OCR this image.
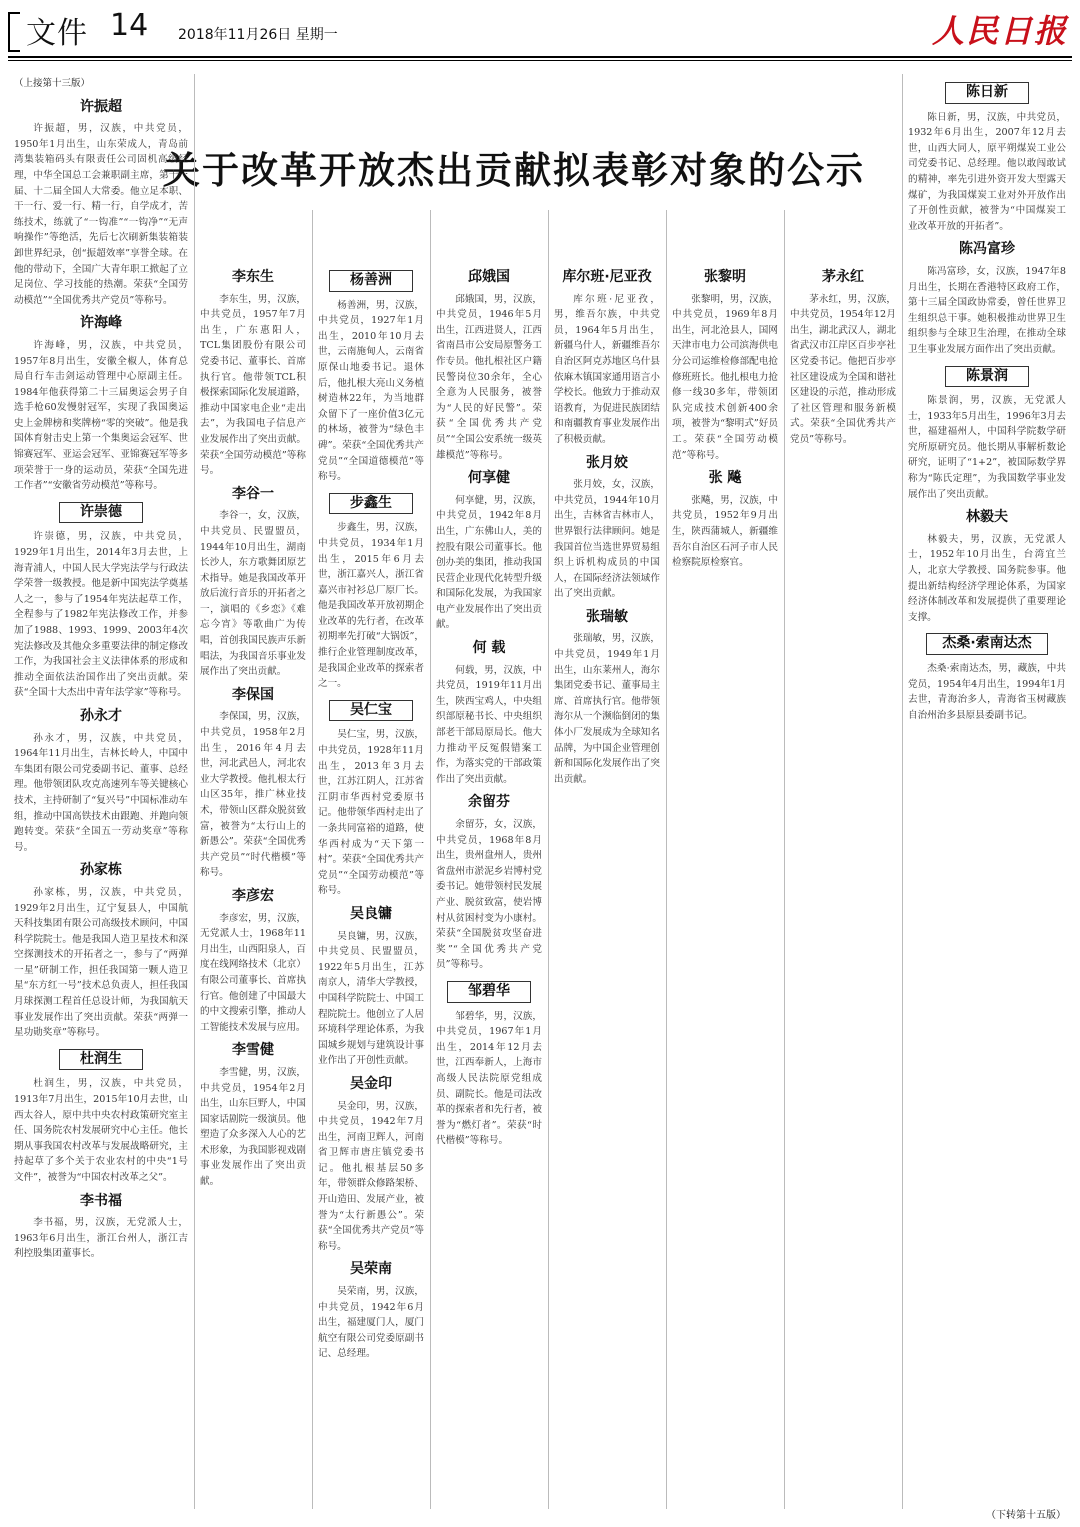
文件 14 2018年11月26日 星期一	人民日报
关于改革开放杰出贡献拟表彰对象的公示
（上接第十三版）
许振超

许振超，男，汉族，中共党员，1950年1月出生，山东荣成人，青岛前湾集装箱码头有限责任公司固机高级经理，中华全国总工会兼职副主席，第十一届、十二届全国人大常委。他立足本职、干一行、爱一行、精一行，自学成才，苦练技术，练就了“一钩准”“一钩净”“无声响操作”等绝活，先后七次刷新集装箱装卸世界纪录，创“振超效率”享誉全球。在他的带动下，全国广大青年职工掀起了立足岗位、学习技能的热潮。荣获“全国劳动模范”“全国优秀共产党员”等称号。

许海峰

许海峰，男，汉族，中共党员，1957年8月出生，安徽全椒人，体育总局自行车击剑运动管理中心原副主任。1984年他获得第二十三届奥运会男子自选手枪60发慢射冠军，实现了我国奥运史上金牌榜和奖牌榜“零的突破”。他是我国体育射击史上第一个集奥运会冠军、世锦赛冠军、亚运会冠军、亚锦赛冠军等多项荣誉于一身的运动员，荣获“全国先进工作者”“安徽省劳动模范”等称号。

许崇德

许崇德，男，汉族，中共党员，1929年1月出生，2014年3月去世，上海青浦人，中国人民大学宪法学与行政法学荣誉一级教授。他是新中国宪法学奠基人之一，参与了1954年宪法起草工作，全程参与了1982年宪法修改工作，并参加了1988、1993、1999、2003年4次宪法修改及其他众多重要法律的制定修改工作，为我国社会主义法律体系的形成和推动全面依法治国作出了突出贡献。荣获“全国十大杰出中青年法学家”等称号。

孙永才

孙永才，男，汉族，中共党员，1964年11月出生，吉林长岭人，中国中车集团有限公司党委副书记、董事、总经理。他带领团队攻克高速列车等关键核心技术，主持研制了“复兴号”中国标准动车组，推动中国高铁技术由跟跑、并跑向领跑转变。荣获“全国五一劳动奖章”等称号。

孙家栋

孙家栋，男，汉族，中共党员，1929年2月出生，辽宁复县人，中国航天科技集团有限公司高级技术顾问，中国科学院院士。他是我国人造卫星技术和深空探测技术的开拓者之一，参与了“两弹一星”研制工作，担任我国第一颗人造卫星“东方红一号”技术总负责人，担任我国月球探测工程首任总设计师，为我国航天事业发展作出了突出贡献。荣获“两弹一星功勋奖章”等称号。

杜润生

杜润生，男，汉族，中共党员，1913年7月出生，2015年10月去世，山西太谷人，原中共中央农村政策研究室主任、国务院农村发展研究中心主任。他长期从事我国农村改革与发展战略研究，主持起草了多个关于农业农村的中央“1号文件”，被誉为“中国农村改革之父”。

李书福

李书福，男，汉族，无党派人士，1963年6月出生，浙江台州人，浙江吉利控股集团董事长。

李东生

李东生，男，汉族，中共党员，1957年7月出生，广东惠阳人，TCL集团股份有限公司党委书记、董事长、首席执行官。他带领TCL积极探索国际化发展道路，推动中国家电企业“走出去”，为我国电子信息产业发展作出了突出贡献。荣获“全国劳动模范”等称号。

李谷一

李谷一，女，汉族，中共党员、民盟盟员，1944年10月出生，湖南长沙人，东方歌舞团原艺术指导。她是我国改革开放后流行音乐的开拓者之一，演唱的《乡恋》《难忘今宵》等歌曲广为传唱，首创我国民族声乐新唱法，为我国音乐事业发展作出了突出贡献。

李保国

李保国，男，汉族，中共党员，1958年2月出生，2016年4月去世，河北武邑人，河北农业大学教授。他扎根太行山区35年，推广林业技术，带领山区群众脱贫致富，被誉为“太行山上的新愚公”。荣获“全国优秀共产党员”“时代楷模”等称号。

李彦宏

李彦宏，男，汉族，无党派人士，1968年11月出生，山西阳泉人，百度在线网络技术（北京）有限公司董事长、首席执行官。他创建了中国最大的中文搜索引擎，推动人工智能技术发展与应用。

李雪健

李雪健，男，汉族，中共党员，1954年2月出生，山东巨野人，中国国家话剧院一级演员。他塑造了众多深入人心的艺术形象，为我国影视戏剧事业发展作出了突出贡献。

杨善洲

杨善洲，男，汉族，中共党员，1927年1月出生，2010年10月去世，云南施甸人，云南省原保山地委书记。退休后，他扎根大亮山义务植树造林22年，为当地群众留下了一座价值3亿元的林场，被誉为“绿色丰碑”。荣获“全国优秀共产党员”“全国道德模范”等称号。

步鑫生

步鑫生，男，汉族，中共党员，1934年1月出生，2015年6月去世，浙江嘉兴人，浙江省嘉兴市衬衫总厂原厂长。他是我国改革开放初期企业改革的先行者，在改革初期率先打破“大锅饭”，推行企业管理制度改革，是我国企业改革的探索者之一。

吴仁宝

吴仁宝，男，汉族，中共党员，1928年11月出生，2013年3月去世，江苏江阴人，江苏省江阴市华西村党委原书记。他带领华西村走出了一条共同富裕的道路，使华西村成为“天下第一村”。荣获“全国优秀共产党员”“全国劳动模范”等称号。

吴良镛

吴良镛，男，汉族，中共党员、民盟盟员，1922年5月出生，江苏南京人，清华大学教授，中国科学院院士、中国工程院院士。他创立了人居环境科学理论体系，为我国城乡规划与建筑设计事业作出了开创性贡献。

吴金印

吴金印，男，汉族，中共党员，1942年7月出生，河南卫辉人，河南省卫辉市唐庄镇党委书记。他扎根基层50多年，带领群众修路架桥、开山造田、发展产业，被誉为“太行新愚公”。荣获“全国优秀共产党员”等称号。

吴荣南

吴荣南，男，汉族，中共党员，1942年6月出生，福建厦门人，厦门航空有限公司党委原副书记、总经理。

邱娥国

邱娥国，男，汉族，中共党员，1946年5月出生，江西进贤人，江西省南昌市公安局原警务工作专员。他扎根社区户籍民警岗位30余年，全心全意为人民服务，被誉为“人民的好民警”。荣获“全国优秀共产党员”“全国公安系统一级英雄模范”等称号。

何享健

何享健，男，汉族，中共党员，1942年8月出生，广东佛山人，美的控股有限公司董事长。他创办美的集团，推动我国民营企业现代化转型升级和国际化发展，为我国家电产业发展作出了突出贡献。

何 载

何载，男，汉族，中共党员，1919年11月出生，陕西宝鸡人，中央组织部原秘书长、中央组织部老干部局原局长。他大力推动平反冤假错案工作，为落实党的干部政策作出了突出贡献。

余留芬

余留芬，女，汉族，中共党员，1968年8月出生，贵州盘州人，贵州省盘州市淤泥乡岩博村党委书记。她带领村民发展产业、脱贫致富，使岩博村从贫困村变为小康村。荣获“全国脱贫攻坚奋进奖”“全国优秀共产党员”等称号。

邹碧华

邹碧华，男，汉族，中共党员，1967年1月出生，2014年12月去世，江西奉新人，上海市高级人民法院原党组成员、副院长。他是司法改革的探索者和先行者，被誉为“燃灯者”。荣获“时代楷模”等称号。

库尔班·尼亚孜

库尔班·尼亚孜，男，维吾尔族，中共党员，1964年5月出生，新疆乌什人，新疆维吾尔自治区阿克苏地区乌什县依麻木镇国家通用语言小学校长。他致力于推动双语教育，为促进民族团结和南疆教育事业发展作出了积极贡献。

张月姣

张月姣，女，汉族，中共党员，1944年10月出生，吉林省吉林市人，世界银行法律顾问。她是我国首位当选世界贸易组织上诉机构成员的中国人，在国际经济法领域作出了突出贡献。

张瑞敏

张瑞敏，男，汉族，中共党员，1949年1月出生，山东莱州人，海尔集团党委书记、董事局主席、首席执行官。他带领海尔从一个濒临倒闭的集体小厂发展成为全球知名品牌，为中国企业管理创新和国际化发展作出了突出贡献。

张黎明

张黎明，男，汉族，中共党员，1969年8月出生，河北沧县人，国网天津市电力公司滨海供电分公司运维检修部配电抢修班班长。他扎根电力抢修一线30多年，带领团队完成技术创新400余项，被誉为“黎明式”好员工。荣获“全国劳动模范”等称号。

张 飚

张飚，男，汉族，中共党员，1952年9月出生，陕西蒲城人，新疆维吾尔自治区石河子市人民检察院原检察官。

茅永红

茅永红，男，汉族，中共党员，1954年12月出生，湖北武汉人，湖北省武汉市江岸区百步亭社区党委书记。他把百步亭社区建设成为全国和谐社区建设的示范，推动形成了社区管理和服务新模式。荣获“全国优秀共产党员”等称号。

陈日新

陈日新，男，汉族，中共党员，1932年6月出生，2007年12月去世，山西大同人，原平朔煤炭工业公司党委书记、总经理。他以敢闯敢试的精神，率先引进外资开发大型露天煤矿，为我国煤炭工业对外开放作出了开创性贡献，被誉为“中国煤炭工业改革开放的开拓者”。

陈冯富珍

陈冯富珍，女，汉族，1947年8月出生，长期在香港特区政府工作，第十三届全国政协常委，曾任世界卫生组织总干事。她积极推动世界卫生组织参与全球卫生治理，在推动全球卫生事业发展方面作出了突出贡献。

陈景润

陈景润，男，汉族，无党派人士，1933年5月出生，1996年3月去世，福建福州人，中国科学院数学研究所原研究员。他长期从事解析数论研究，证明了“1+2”，被国际数学界称为“陈氏定理”，为我国数学事业发展作出了突出贡献。

林毅夫

林毅夫，男，汉族，无党派人士，1952年10月出生，台湾宜兰人，北京大学教授、国务院参事。他提出新结构经济学理论体系，为国家经济体制改革和发展提供了重要理论支撑。

杰桑·索南达杰

杰桑·索南达杰，男，藏族，中共党员，1954年4月出生，1994年1月去世，青海治多人，青海省玉树藏族自治州治多县原县委副书记。

（下转第十五版）
